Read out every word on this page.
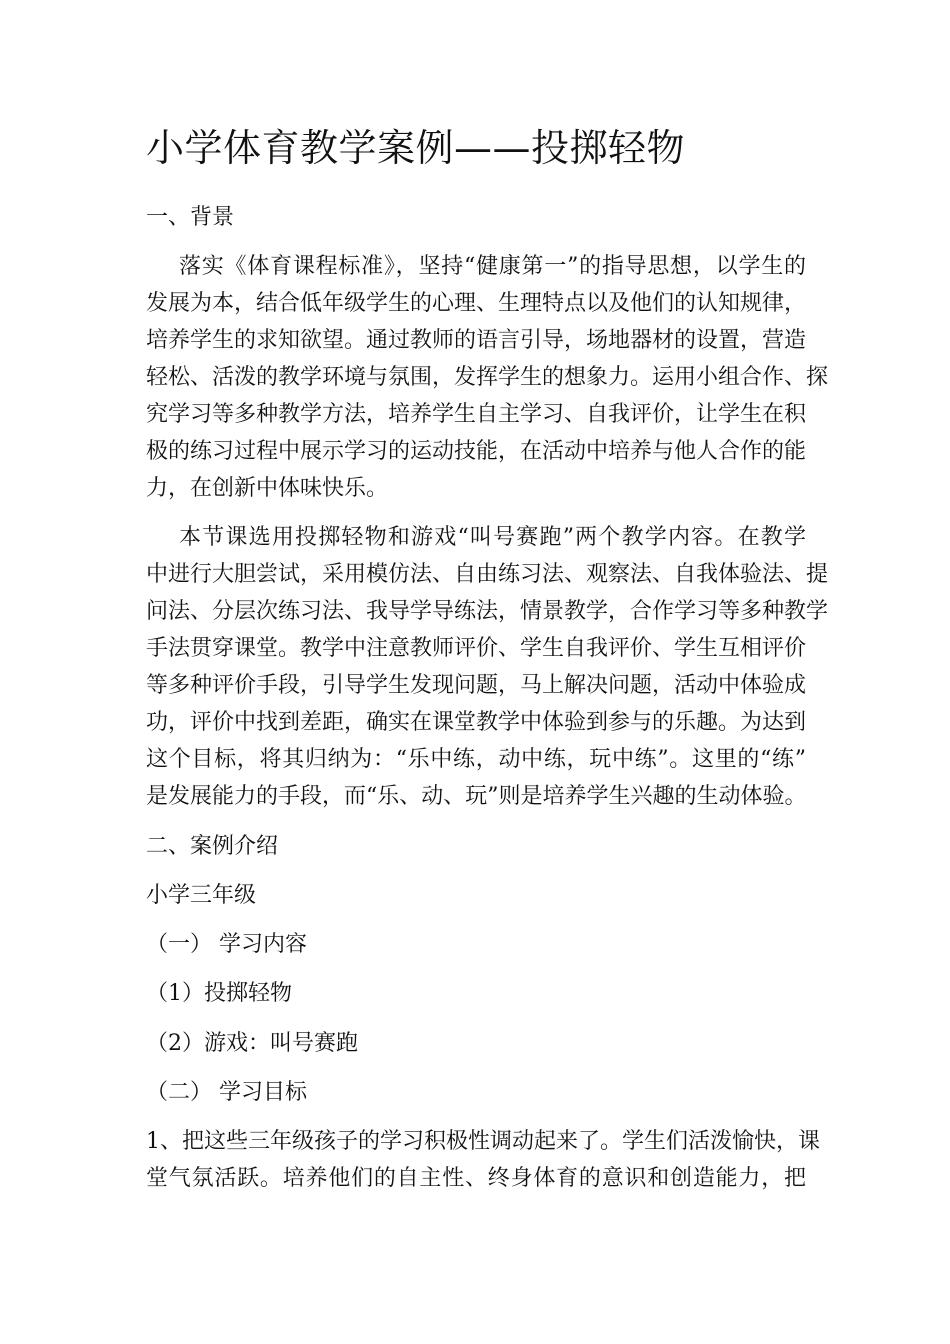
小学体育教学案例——投掷轻物

一、背景

落实《体育课程标准》，坚持“健康第一”的指导思想，以学生的

发展为本，结合低年级学生的心理、生理特点以及他们的认知规律，

培养学生的求知欲望。通过教师的语言引导，场地器材的设置，营造

轻松、活泼的教学环境与氛围，发挥学生的想象力。运用小组合作、探

究学习等多种教学方法，培养学生自主学习、自我评价，让学生在积

极的练习过程中展示学习的运动技能，在活动中培养与他人合作的能

力，在创新中体味快乐。

本节课选用投掷轻物和游戏“叫号赛跑”两个教学内容。在教学

中进行大胆尝试，采用模仿法、自由练习法、观察法、自我体验法、提

问法、分层次练习法、我导学导练法，情景教学，合作学习等多种教学

手法贯穿课堂。教学中注意教师评价、学生自我评价、学生互相评价

等多种评价手段，引导学生发现问题，马上解决问题，活动中体验成

功，评价中找到差距，确实在课堂教学中体验到参与的乐趣。为达到

这个目标，将其归纳为：“乐中练，动中练，玩中练”。这里的“练”

是发展能力的手段，而“乐、动、玩”则是培养学生兴趣的生动体验。

二、案例介绍

小学三年级

（一） 学习内容

（1）投掷轻物

（2）游戏：叫号赛跑

（二） 学习目标

1、把这些三年级孩子的学习积极性调动起来了。学生们活泼愉快，课

堂气氛活跃。培养他们的自主性、终身体育的意识和创造能力，把
